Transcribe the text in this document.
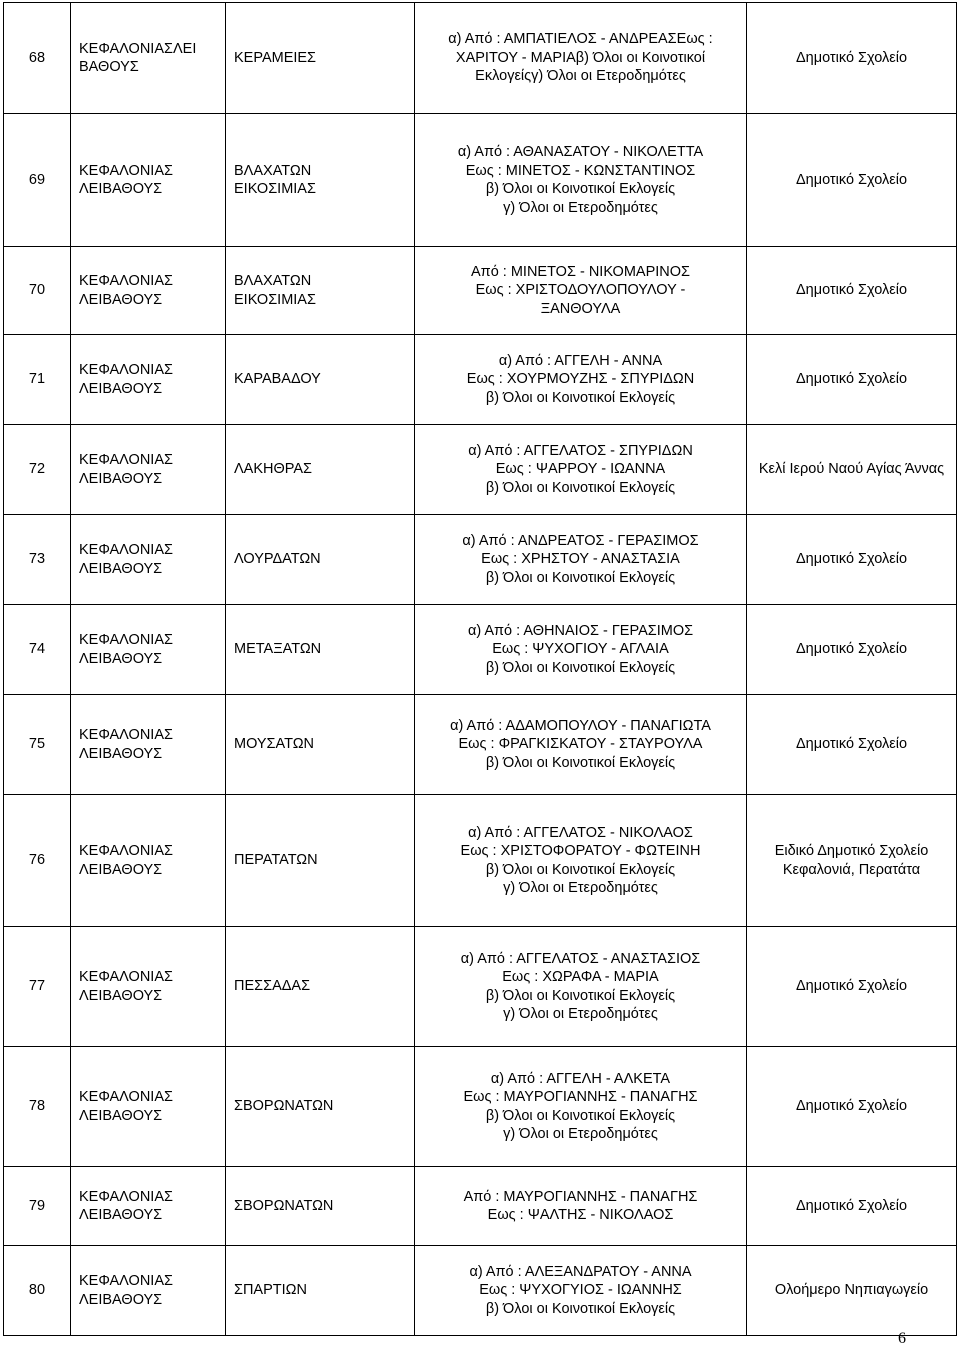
68	ΚΕΦΑΛΟΝΙΑΣΛΕΙ
ΒΑΘΟΥΣ	ΚΕΡΑΜΕΙΕΣ	α) Από : ΑΜΠΑΤΙΕΛΟΣ - ΑΝΔΡΕΑΣΕως :
ΧΑΡΙΤΟΥ - ΜΑΡΙΑβ) Όλοι οι Κοινοτικοί
Εκλογείςγ) Όλοι οι Ετεροδημότες	Δημοτικό Σχολείο

69	ΚΕΦΑΛΟΝΙΑΣ
ΛΕΙΒΑΘΟΥΣ	ΒΛΑΧΑΤΩΝ
ΕΙΚΟΣΙΜΙΑΣ	α) Από : ΑΘΑΝΑΣΑΤΟΥ - ΝΙΚΟΛΕΤΤΑ
Εως : ΜΙΝΕΤΟΣ - ΚΩΝΣΤΑΝΤΙΝΟΣ
β) Όλοι οι Κοινοτικοί Εκλογείς
γ) Όλοι οι Ετεροδημότες	Δημοτικό Σχολείο

70	ΚΕΦΑΛΟΝΙΑΣ
ΛΕΙΒΑΘΟΥΣ	ΒΛΑΧΑΤΩΝ
ΕΙΚΟΣΙΜΙΑΣ	Από : ΜΙΝΕΤΟΣ - ΝΙΚΟΜΑΡΙΝΟΣ
Εως : ΧΡΙΣΤΟΔΟΥΛΟΠΟΥΛΟΥ -
ΞΑΝΘΟΥΛΑ	Δημοτικό Σχολείο

71	ΚΕΦΑΛΟΝΙΑΣ
ΛΕΙΒΑΘΟΥΣ	ΚΑΡΑΒΑΔΟΥ	α) Από : ΑΓΓΕΛΗ - ΑΝΝΑ
Εως : ΧΟΥΡΜΟΥΖΗΣ - ΣΠΥΡΙΔΩΝ
β) Όλοι οι Κοινοτικοί Εκλογείς	Δημοτικό Σχολείο

72	ΚΕΦΑΛΟΝΙΑΣ
ΛΕΙΒΑΘΟΥΣ	ΛΑΚΗΘΡΑΣ	α) Από : ΑΓΓΕΛΑΤΟΣ - ΣΠΥΡΙΔΩΝ
Εως : ΨΑΡΡΟΥ - ΙΩΑΝΝΑ
β) Όλοι οι Κοινοτικοί Εκλογείς	Κελί Ιερού Ναού Αγίας Άννας

73	ΚΕΦΑΛΟΝΙΑΣ
ΛΕΙΒΑΘΟΥΣ	ΛΟΥΡΔΑΤΩΝ	α) Από : ΑΝΔΡΕΑΤΟΣ - ΓΕΡΑΣΙΜΟΣ
Εως : ΧΡΗΣΤΟΥ - ΑΝΑΣΤΑΣΙΑ
β) Όλοι οι Κοινοτικοί Εκλογείς	Δημοτικό Σχολείο

74	ΚΕΦΑΛΟΝΙΑΣ
ΛΕΙΒΑΘΟΥΣ	ΜΕΤΑΞΑΤΩΝ	α) Από : ΑΘΗΝΑΙΟΣ - ΓΕΡΑΣΙΜΟΣ
Εως : ΨΥΧΟΓΙΟΥ - ΑΓΛΑΙΑ
β) Όλοι οι Κοινοτικοί Εκλογείς	Δημοτικό Σχολείο

75	ΚΕΦΑΛΟΝΙΑΣ
ΛΕΙΒΑΘΟΥΣ	ΜΟΥΣΑΤΩΝ	α) Από : ΑΔΑΜΟΠΟΥΛΟΥ - ΠΑΝΑΓΙΩΤΑ
Εως : ΦΡΑΓΚΙΣΚΑΤΟΥ - ΣΤΑΥΡΟΥΛΑ
β) Όλοι οι Κοινοτικοί Εκλογείς	Δημοτικό Σχολείο

76	ΚΕΦΑΛΟΝΙΑΣ
ΛΕΙΒΑΘΟΥΣ	ΠΕΡΑΤΑΤΩΝ	α) Από : ΑΓΓΕΛΑΤΟΣ - ΝΙΚΟΛΑΟΣ
Εως : ΧΡΙΣΤΟΦΟΡΑΤΟΥ - ΦΩΤΕΙΝΗ
β) Όλοι οι Κοινοτικοί Εκλογείς
γ) Όλοι οι Ετεροδημότες	Ειδικό Δημοτικό Σχολείο
Κεφαλονιά, Περατάτα

77	ΚΕΦΑΛΟΝΙΑΣ
ΛΕΙΒΑΘΟΥΣ	ΠΕΣΣΑΔΑΣ	α) Από : ΑΓΓΕΛΑΤΟΣ - ΑΝΑΣΤΑΣΙΟΣ
Εως : ΧΩΡΑΦΑ - ΜΑΡΙΑ
β) Όλοι οι Κοινοτικοί Εκλογείς
γ) Όλοι οι Ετεροδημότες	Δημοτικό Σχολείο

78	ΚΕΦΑΛΟΝΙΑΣ
ΛΕΙΒΑΘΟΥΣ	ΣΒΟΡΩΝΑΤΩΝ	α) Από : ΑΓΓΕΛΗ - ΑΛΚΕΤΑ
Εως : ΜΑΥΡΟΓΙΑΝΝΗΣ - ΠΑΝΑΓΗΣ
β) Όλοι οι Κοινοτικοί Εκλογείς
γ) Όλοι οι Ετεροδημότες	Δημοτικό Σχολείο

79	ΚΕΦΑΛΟΝΙΑΣ
ΛΕΙΒΑΘΟΥΣ	ΣΒΟΡΩΝΑΤΩΝ	Από : ΜΑΥΡΟΓΙΑΝΝΗΣ - ΠΑΝΑΓΗΣ
Εως : ΨΑΛΤΗΣ - ΝΙΚΟΛΑΟΣ	Δημοτικό Σχολείο

80	ΚΕΦΑΛΟΝΙΑΣ
ΛΕΙΒΑΘΟΥΣ	ΣΠΑΡΤΙΩΝ	α) Από : ΑΛΕΞΑΝΔΡΑΤΟΥ - ΑΝΝΑ
Εως : ΨΥΧΟΓΥΙΟΣ - ΙΩΑΝΝΗΣ
β) Όλοι οι Κοινοτικοί Εκλογείς	Ολοήμερο Νηπιαγωγείο
6
